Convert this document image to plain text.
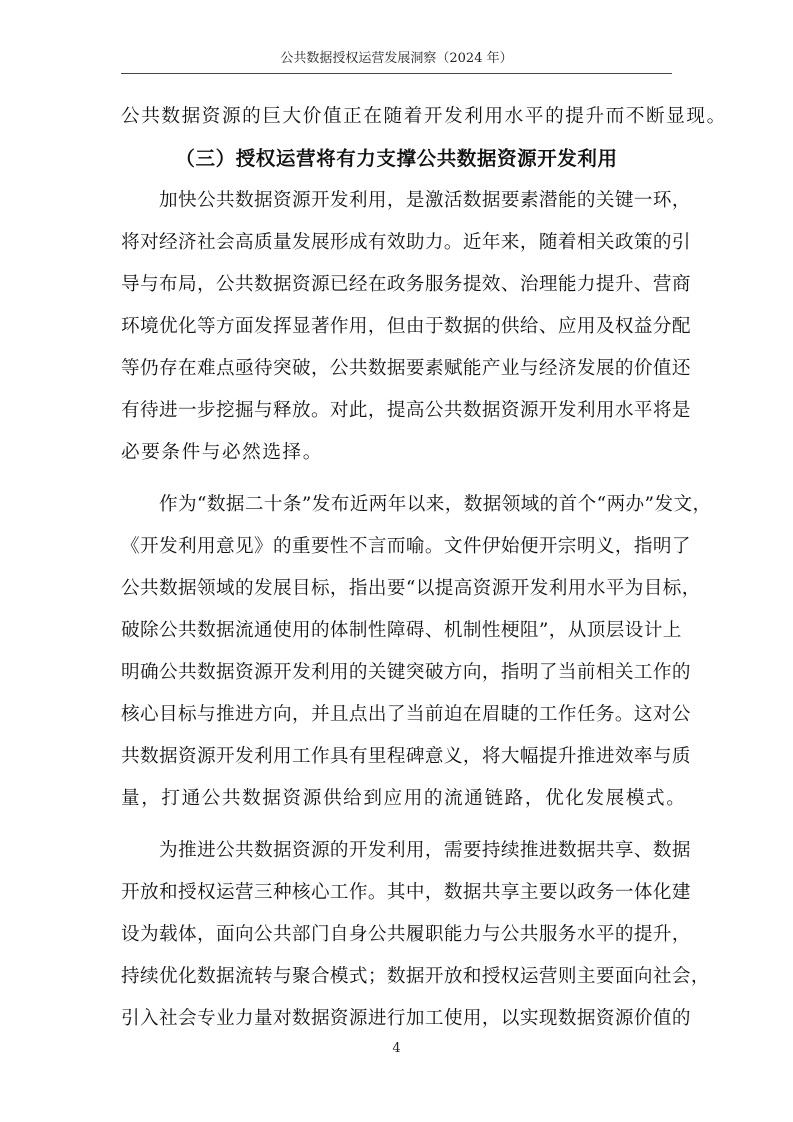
公共数据授权运营发展洞察（2024 年）
公共数据资源的巨大价值正在随着开发利用水平的提升而不断显现。
（三）授权运营将有力支撑公共数据资源开发利用
　　加快公共数据资源开发利用，是激活数据要素潜能的关键一环，
将对经济社会高质量发展形成有效助力。近年来，随着相关政策的引
导与布局，公共数据资源已经在政务服务提效、治理能力提升、营商
环境优化等方面发挥显著作用，但由于数据的供给、应用及权益分配
等仍存在难点亟待突破，公共数据要素赋能产业与经济发展的价值还
有待进一步挖掘与释放。对此，提高公共数据资源开发利用水平将是
必要条件与必然选择。
　　作为“数据二十条”发布近两年以来，数据领域的首个“两办”发文，
《开发利用意见》的重要性不言而喻。文件伊始便开宗明义，指明了
公共数据领域的发展目标，指出要“以提高资源开发利用水平为目标，
破除公共数据流通使用的体制性障碍、机制性梗阻”，从顶层设计上
明确公共数据资源开发利用的关键突破方向，指明了当前相关工作的
核心目标与推进方向，并且点出了当前迫在眉睫的工作任务。这对公
共数据资源开发利用工作具有里程碑意义，将大幅提升推进效率与质
量，打通公共数据资源供给到应用的流通链路，优化发展模式。
　　为推进公共数据资源的开发利用，需要持续推进数据共享、数据
开放和授权运营三种核心工作。其中，数据共享主要以政务一体化建
设为载体，面向公共部门自身公共履职能力与公共服务水平的提升，
持续优化数据流转与聚合模式；数据开放和授权运营则主要面向社会，
引入社会专业力量对数据资源进行加工使用，以实现数据资源价值的
4
